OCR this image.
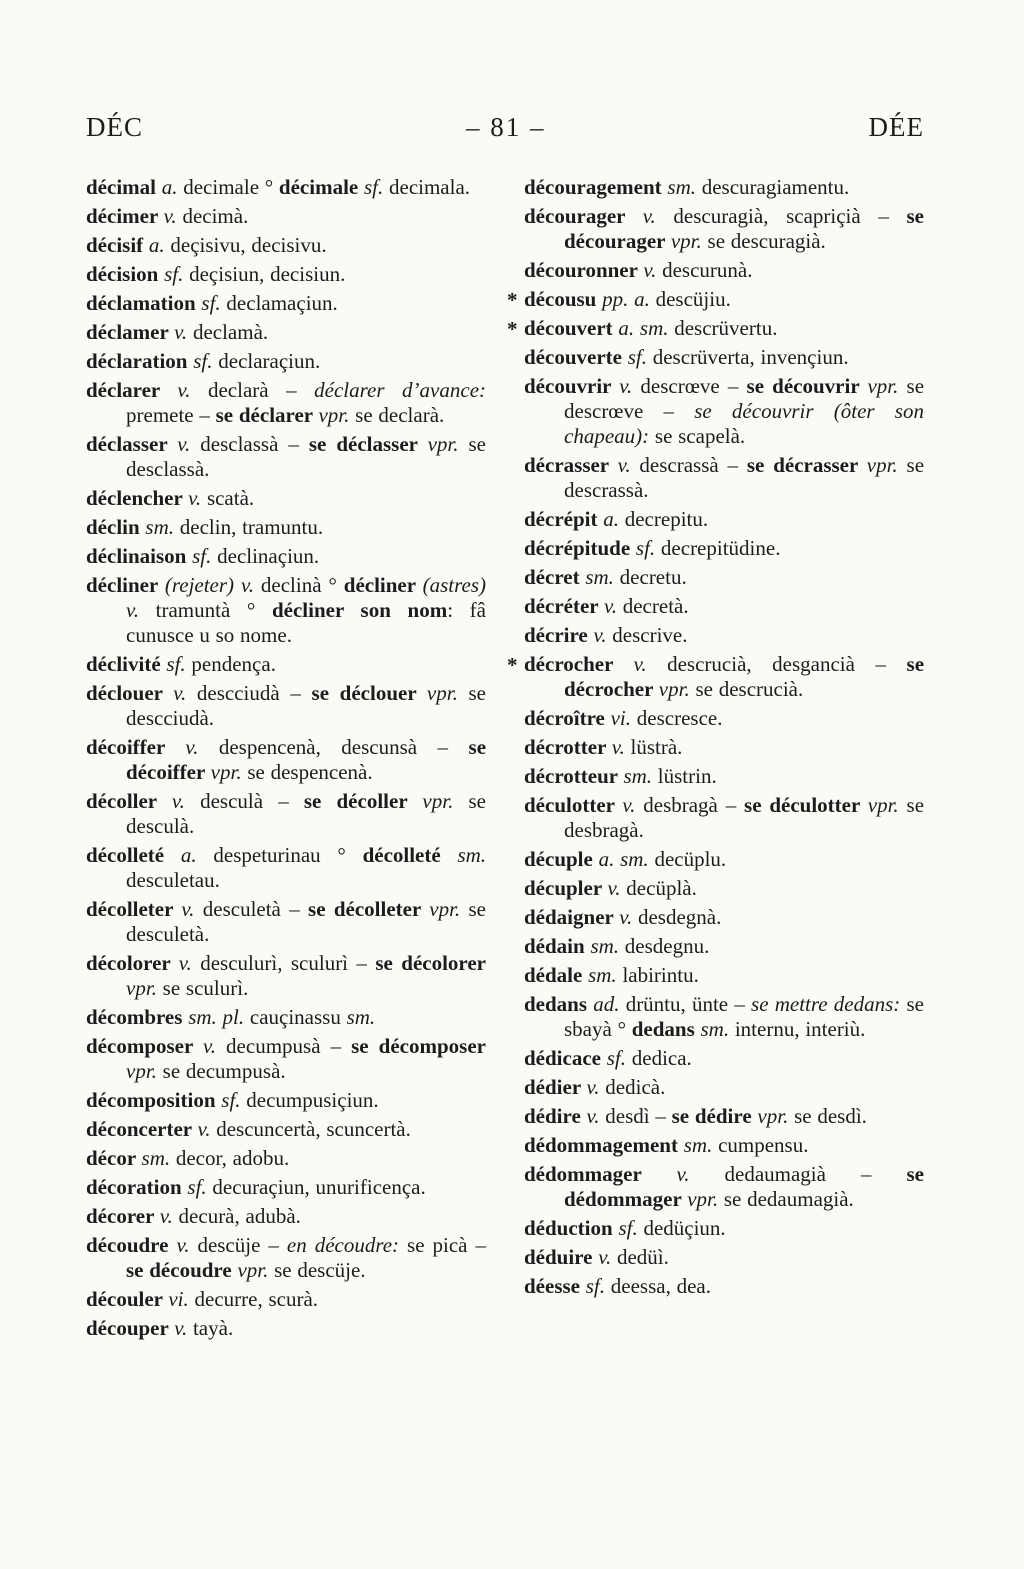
DÉC	– 81 –	DÉE

décimal a. decimale ° décimale sf. decimala.

décimer v. decimà.

décisif a. deçisivu, decisivu.

décision sf. deçisiun, decisiun.

déclamation sf. declamaçiun.

déclamer v. declamà.

déclaration sf. declaraçiun.

déclarer v. declarà – déclarer d’avance: premete – se déclarer vpr. se declarà.

déclasser v. desclassà – se déclasser vpr. se desclassà.

déclencher v. scatà.

déclin sm. declin, tramuntu.

déclinaison sf. declinaçiun.

décliner (rejeter) v. declinà ° décliner (astres) v. tramuntà ° décliner son nom: fâ cunusce u so nome.

déclivité sf. pendença.

déclouer v. descciudà – se déclouer vpr. se descciudà.

décoiffer v. despencenà, descunsà – se décoiffer vpr. se despencenà.

décoller v. desculà – se décoller vpr. se desculà.

décolleté a. despeturinau ° décolleté sm. desculetau.

décolleter v. desculetà – se décolleter vpr. se desculetà.

décolorer v. desculurì, sculurì – se décolorer vpr. se sculurì.

décombres sm. pl. cauçinassu sm.

décomposer v. decumpusà – se décomposer vpr. se decumpusà.

décomposition sf. decumpusiçiun.

déconcerter v. descuncertà, scuncertà.

décor sm. decor, adobu.

décoration sf. decuraçiun, unurificença.

décorer v. decurà, adubà.

découdre v. descüje – en découdre: se picà – se découdre vpr. se descüje.

découler vi. decurre, scurà.

découper v. tayà.

découragement sm. descuragiamentu.

décourager v. descuragià, scapriçià – se décourager vpr. se descuragià.

découronner v. descurunà.

* décousu pp. a. descüjiu.

* découvert a. sm. descrüvertu.

découverte sf. descrüverta, invençiun.

découvrir v. descrœve – se découvrir vpr. se descrœve – se découvrir (ôter son chapeau): se scapelà.

décrasser v. descrassà – se décrasser vpr. se descrassà.

décrépit a. decrepitu.

décrépitude sf. decrepitüdine.

décret sm. decretu.

décréter v. decretà.

décrire v. descrive.

* décrocher v. descrucià, desgancià – se décrocher vpr. se descrucià.

décroître vi. descresce.

décrotter v. lüstrà.

décrotteur sm. lüstrin.

déculotter v. desbragà – se déculotter vpr. se desbragà.

décuple a. sm. decüplu.

décupler v. decüplà.

dédaigner v. desdegnà.

dédain sm. desdegnu.

dédale sm. labirintu.

dedans ad. drüntu, ünte – se mettre dedans: se sbayà ° dedans sm. internu, interiù.

dédicace sf. dedica.

dédier v. dedicà.

dédire v. desdì – se dédire vpr. se desdì.

dédommagement sm. cumpensu.

dédommager v. dedaumagià – se dédommager vpr. se dedaumagià.

déduction sf. dedüçiun.

déduire v. dedüì.

déesse sf. deessa, dea.
